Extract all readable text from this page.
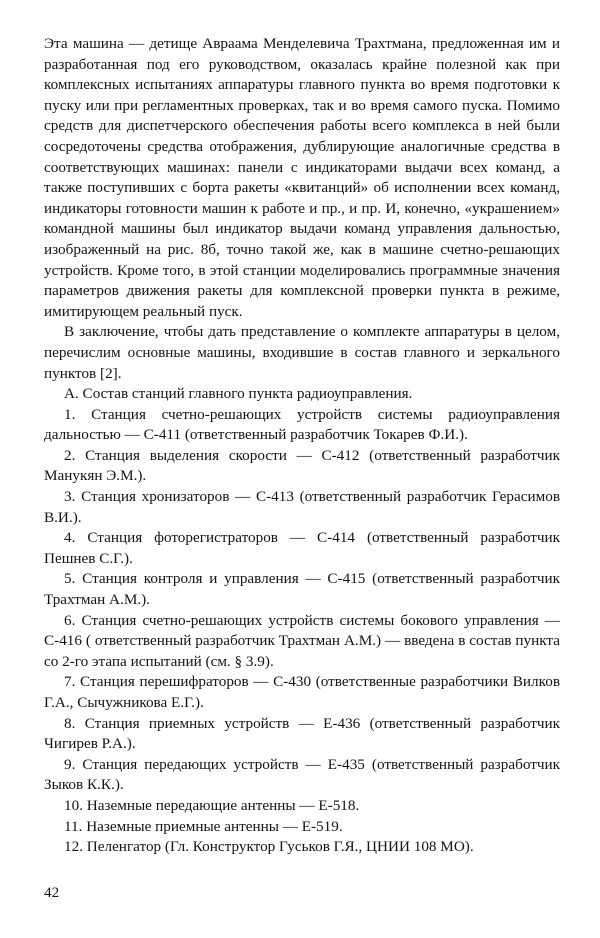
Эта машина — детище Авраама Менделевича Трахтмана, предложенная им и разработанная под его руководством, оказалась крайне полезной как при комплексных испытаниях аппаратуры главного пункта во время подготовки к пуску или при регламентных проверках, так и во время самого пуска. Помимо средств для диспетчерского обеспечения работы всего комплекса в ней были сосредоточены средства отображения, дублирующие аналогичные средства в соответствующих машинах: панели с индикаторами выдачи всех команд, а также поступивших с борта ракеты «квитанций» об исполнении всех команд, индикаторы готовности машин к работе и пр., и пр. И, конечно, «украшением» командной машины был индикатор выдачи команд управления дальностью, изображенный на рис. 8б, точно такой же, как в машине счетно-решающих устройств. Кроме того, в этой станции моделировались программные значения параметров движения ракеты для комплексной проверки пункта в режиме, имитирующем реальный пуск.

В заключение, чтобы дать представление о комплекте аппаратуры в целом, перечислим основные машины, входившие в состав главного и зеркального пунктов [2].

А. Состав станций главного пункта радиоуправления.

1. Станция счетно-решающих устройств системы радиоуправления дальностью — С-411 (ответственный разработчик Токарев Ф.И.).

2. Станция выделения скорости — С-412 (ответственный разработчик Манукян Э.М.).

3. Станция хронизаторов — С-413 (ответственный разработчик Герасимов В.И.).

4. Станция фоторегистраторов — С-414 (ответственный разработчик Пешнев С.Г.).

5. Станция контроля и управления — С-415 (ответственный разработчик Трахтман А.М.).

6. Станция счетно-решающих устройств системы бокового управления — С-416 ( ответственный разработчик Трахтман А.М.) — введена в состав пункта со 2-го этапа испытаний (см. § 3.9).

7. Станция перешифраторов — С-430 (ответственные разработчики Вилков Г.А., Сычужникова Е.Г.).

8. Станция приемных устройств — Е-436 (ответственный разработчик Чигирев Р.А.).

9. Станция передающих устройств — Е-435 (ответственный разработчик Зыков К.К.).

10. Наземные передающие антенны — Е-518.

11. Наземные приемные антенны — Е-519.

12. Пеленгатор (Гл. Конструктор Гуськов Г.Я., ЦНИИ 108 МО).

42
